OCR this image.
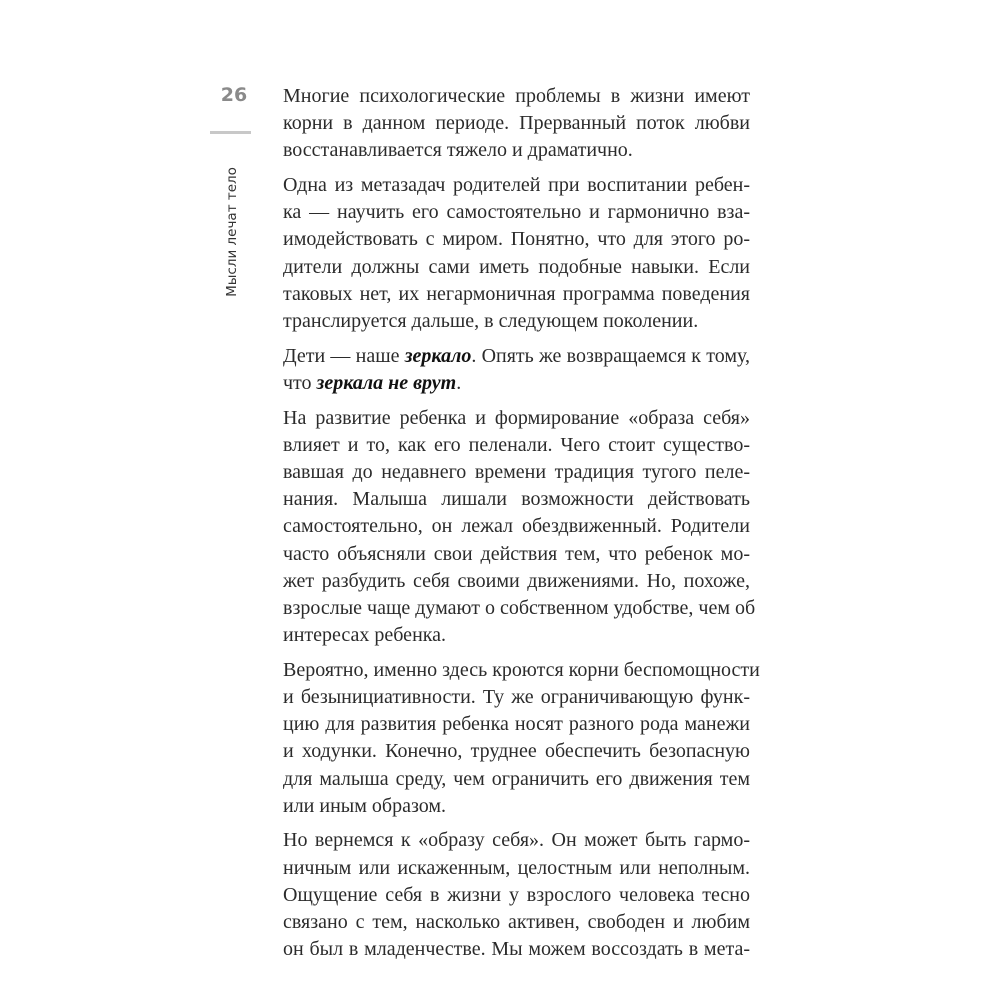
26
Мысли лечат тело
Многие психологические проблемы в жизни имеют
корни в данном периоде. Прерванный поток любви
восстанавливается тяжело и драматично.
Одна из метазадач родителей при воспитании ребен-
ка — научить его самостоятельно и гармонично вза-
имодействовать с миром. Понятно, что для этого ро-
дители должны сами иметь подобные навыки. Если
таковых нет, их негармоничная программа поведения
транслируется дальше, в следующем поколении.
Дети — наше зеркало. Опять же возвращаемся к тому,
что зеркала не врут.
На развитие ребенка и формирование «образа себя»
влияет и то, как его пеленали. Чего стоит существо-
вавшая до недавнего времени традиция тугого пеле-
нания. Малыша лишали возможности действовать
самостоятельно, он лежал обездвиженный. Родители
часто объясняли свои действия тем, что ребенок мо-
жет разбудить себя своими движениями. Но, похоже,
взрослые чаще думают о собственном удобстве, чем об
интересах ребенка.
Вероятно, именно здесь кроются корни беспомощности
и безынициативности. Ту же ограничивающую функ-
цию для развития ребенка носят разного рода манежи
и ходунки. Конечно, труднее обеспечить безопасную
для малыша среду, чем ограничить его движения тем
или иным образом.
Но вернемся к «образу себя». Он может быть гармо-
ничным или искаженным, целостным или неполным.
Ощущение себя в жизни у взрослого человека тесно
связано с тем, насколько активен, свободен и любим
он был в младенчестве. Мы можем воссоздать в мета-
